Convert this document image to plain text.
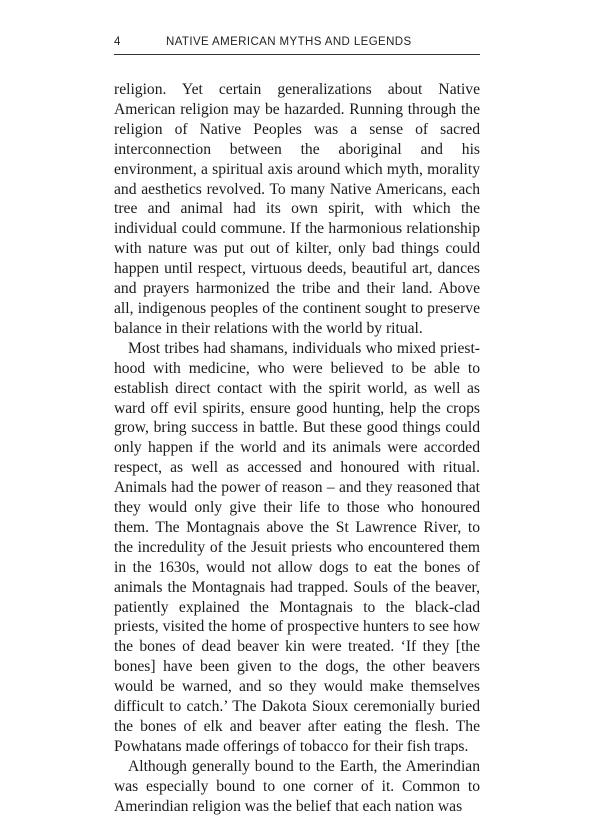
4	NATIVE AMERICAN MYTHS AND LEGENDS

religion. Yet certain generalizations about Native American religion may be hazarded. Running through the religion of Native Peoples was a sense of sacred interconnection between the aboriginal and his environment, a spiritual axis around which myth, morality and aesthetics revolved. To many Native Americans, each tree and animal had its own spirit, with which the individual could commune. If the harmonious relationship with nature was put out of kilter, only bad things could happen until respect, virtuous deeds, beautiful art, dances and prayers harmonized the tribe and their land. Above all, indigenous peoples of the continent sought to preserve balance in their relations with the world by ritual.

Most tribes had shamans, individuals who mixed priesthood with medicine, who were believed to be able to establish direct contact with the spirit world, as well as ward off evil spirits, ensure good hunting, help the crops grow, bring success in battle. But these good things could only happen if the world and its animals were accorded respect, as well as accessed and honoured with ritual. Animals had the power of reason – and they reasoned that they would only give their life to those who honoured them. The Montagnais above the St Lawrence River, to the incredulity of the Jesuit priests who encountered them in the 1630s, would not allow dogs to eat the bones of animals the Montagnais had trapped. Souls of the beaver, patiently explained the Montagnais to the black-clad priests, visited the home of prospective hunters to see how the bones of dead beaver kin were treated. ‘If they [the bones] have been given to the dogs, the other beavers would be warned, and so they would make themselves difficult to catch.’ The Dakota Sioux ceremonially buried the bones of elk and beaver after eating the flesh. The Powhatans made offerings of tobacco for their fish traps.

Although generally bound to the Earth, the Amerindian was especially bound to one corner of it. Common to Amerindian religion was the belief that each nation was
